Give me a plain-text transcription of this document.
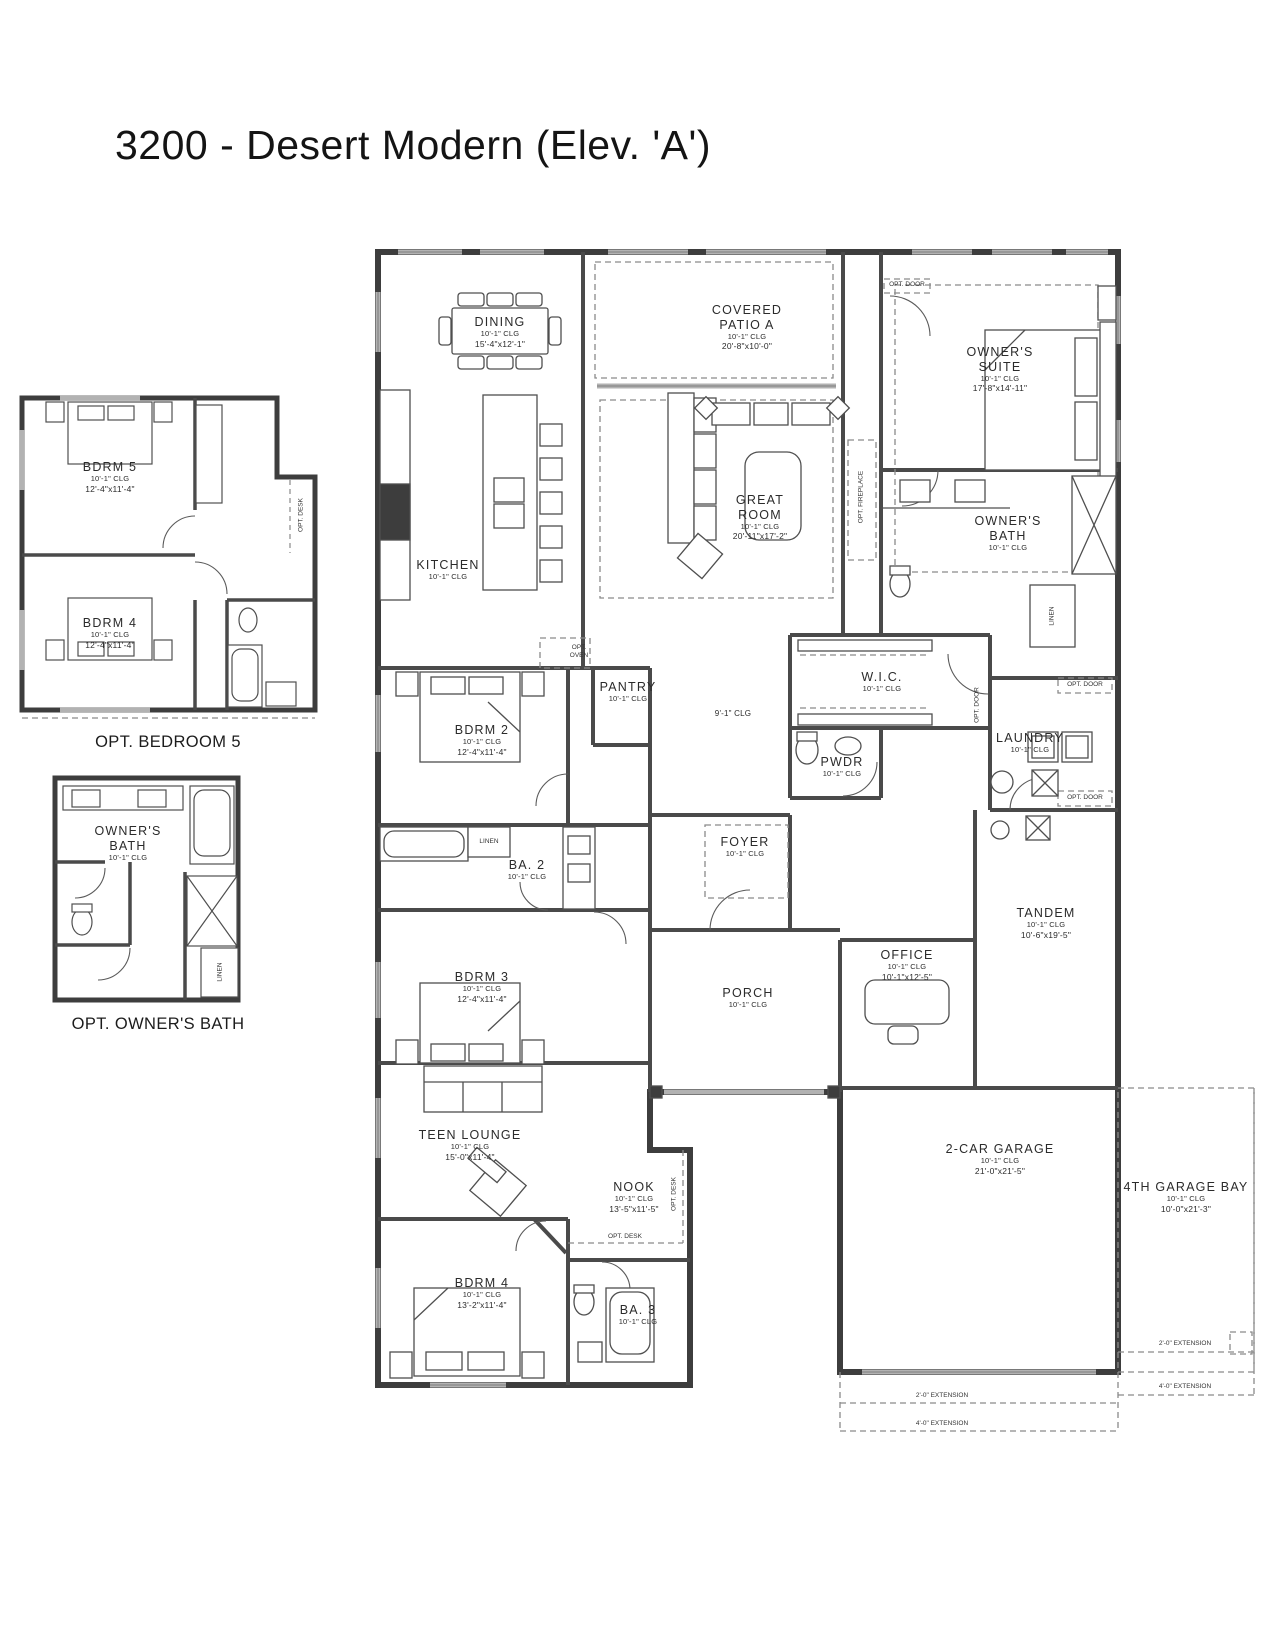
3200 - Desert Modern (Elev. 'A')
DINING
10'-1" CLG
15'-4"x12'-1"
COVERED
PATIO A
10'-1" CLG
20'-8"x10'-0"	OWNER'S
SUITE
10'-1" CLG
17'-8"x14'-11"
GREAT
ROOM
10'-1" CLG
20'-11"x17'-2"
KITCHEN
10'-1" CLG
OWNER'S
BATH
10'-1" CLG
PANTRY
10'-1" CLG
9'-1" CLG
W.I.C.
10'-1" CLG
LAUNDRY
10'-1" CLG
PWDR
10'-1" CLG
BDRM 2
10'-1" CLG
12'-4"x11'-4"
BA. 2
10'-1" CLG
FOYER
10'-1" CLG
OFFICE
10'-1" CLG
10'-1"x12'-5"
PORCH
10'-1" CLG
TANDEM
10'-1" CLG
10'-6"x19'-5"
BDRM 3
10'-1" CLG
12'-4"x11'-4"
TEEN LOUNGE
10'-1" CLG
15'-0"x11'-4"
NOOK
10'-1" CLG
13'-5"x11'-5"
BDRM 4
10'-1" CLG
13'-2"x11'-4"	BA. 3
10'-1" CLG
2-CAR GARAGE
10'-1" CLG
21'-0"x21'-5"
4TH GARAGE BAY
10'-1" CLG
10'-0"x21'-3"
BDRM 5
10'-1" CLG
12'-4"x11'-4"
BDRM 4
10'-1" CLG
12'-4"x11'-4"
OWNER'S
BATH
10'-1" CLG
OPT. BEDROOM 5
OPT. OWNER'S BATH
OPT. DOOR
OPT.
OVEN
OPT. DOOR
OPT. DOOR
LINEN
OPT. DESK
2'-0" EXTENSION
4'-0" EXTENSION
2'-0" EXTENSION
4'-0" EXTENSION
OPT. FIREPLACE
OPT. DOOR
LINEN
OPT. DESK
OPT. DESK
LINEN
